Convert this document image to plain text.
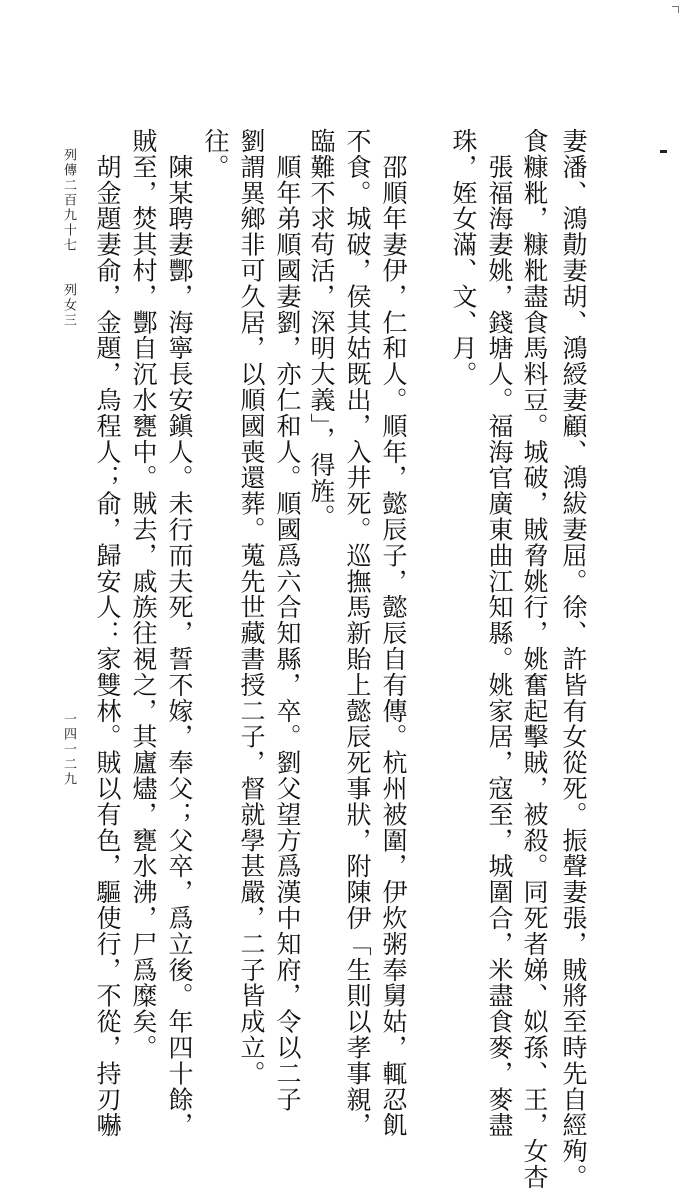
妻潘、鴻勣妻胡、鴻綬妻顧、鴻紱妻屈。徐、許皆有女從死。振聲妻張，賊將至時先自經殉。
食糠粃，糠粃盡食馬料豆。城破，賊脅姚行，姚奮起擊賊，被殺。同死者娣、姒孫、王，女杏
　張福海妻姚，錢塘人。福海官廣東曲江知縣。姚家居，寇至，城圍合，米盡食麥，麥盡
珠，姪女滿、文、月。
　邵順年妻伊，仁和人。順年，懿辰子，懿辰自有傳。杭州被圍，伊炊粥奉舅姑，輒忍飢
不食。城破，侯其姑既出，入井死。巡撫馬新貽上懿辰死事狀，附陳伊「生則以孝事親，
臨難不求苟活，深明大義」，得旌。
　順年弟順國妻劉，亦仁和人。順國爲六合知縣，卒。劉父望方爲漢中知府，令以二子
劉謂異鄉非可久居，以順國喪還葬。蒐先世藏書授二子，督就學甚嚴，二子皆成立。
往。
　陳某聘妻酆，海寧長安鎭人。未行而夫死，誓不嫁，奉父；父卒，爲立後。年四十餘，
賊至，焚其村，酆自沉水甕中。賊去，戚族往視之，其廬燼，甕水沸，尸爲糜矣。
　胡金題妻俞，金題，烏程人；俞，歸安人：家雙林。賊以有色，驅使行，不從，持刃嚇
列傳二百九十七　　列女三
一四一二九
